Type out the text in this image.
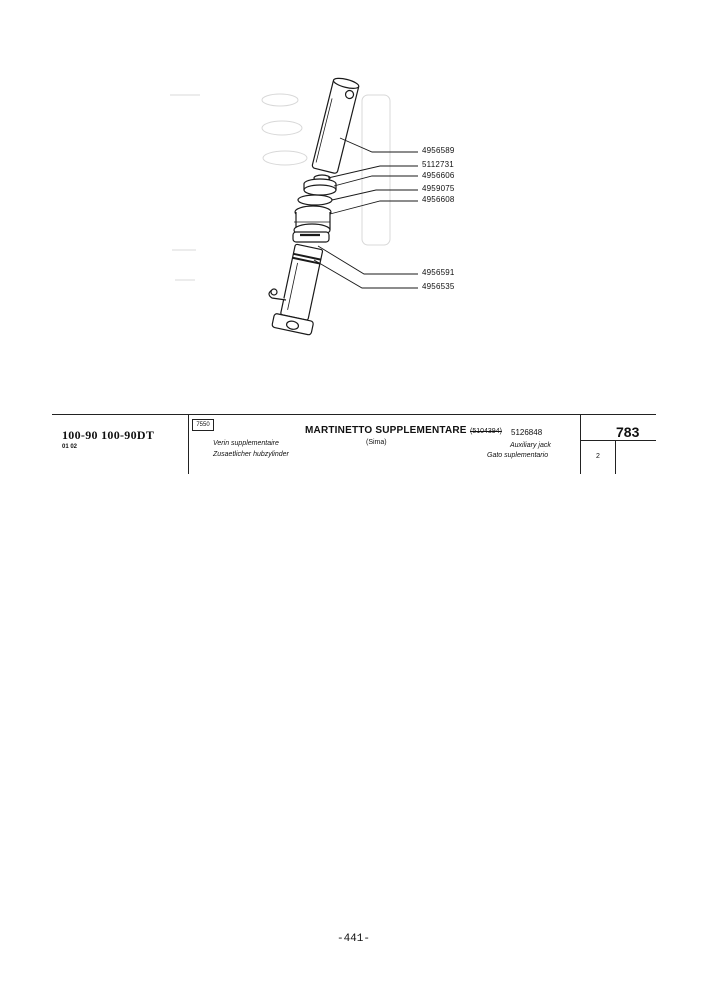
4956589
5112731
4956606
4959075
4956608
4956591
4956535
100-90 100-90DT
01 02
7550	MARTINETTO SUPPLEMENTARE (5104394) 5126848
(Sima)
Verin supplementaire
Zusaetlicher hubzylinder
Auxiliary jack
Gato suplementario
783
2
-441-
